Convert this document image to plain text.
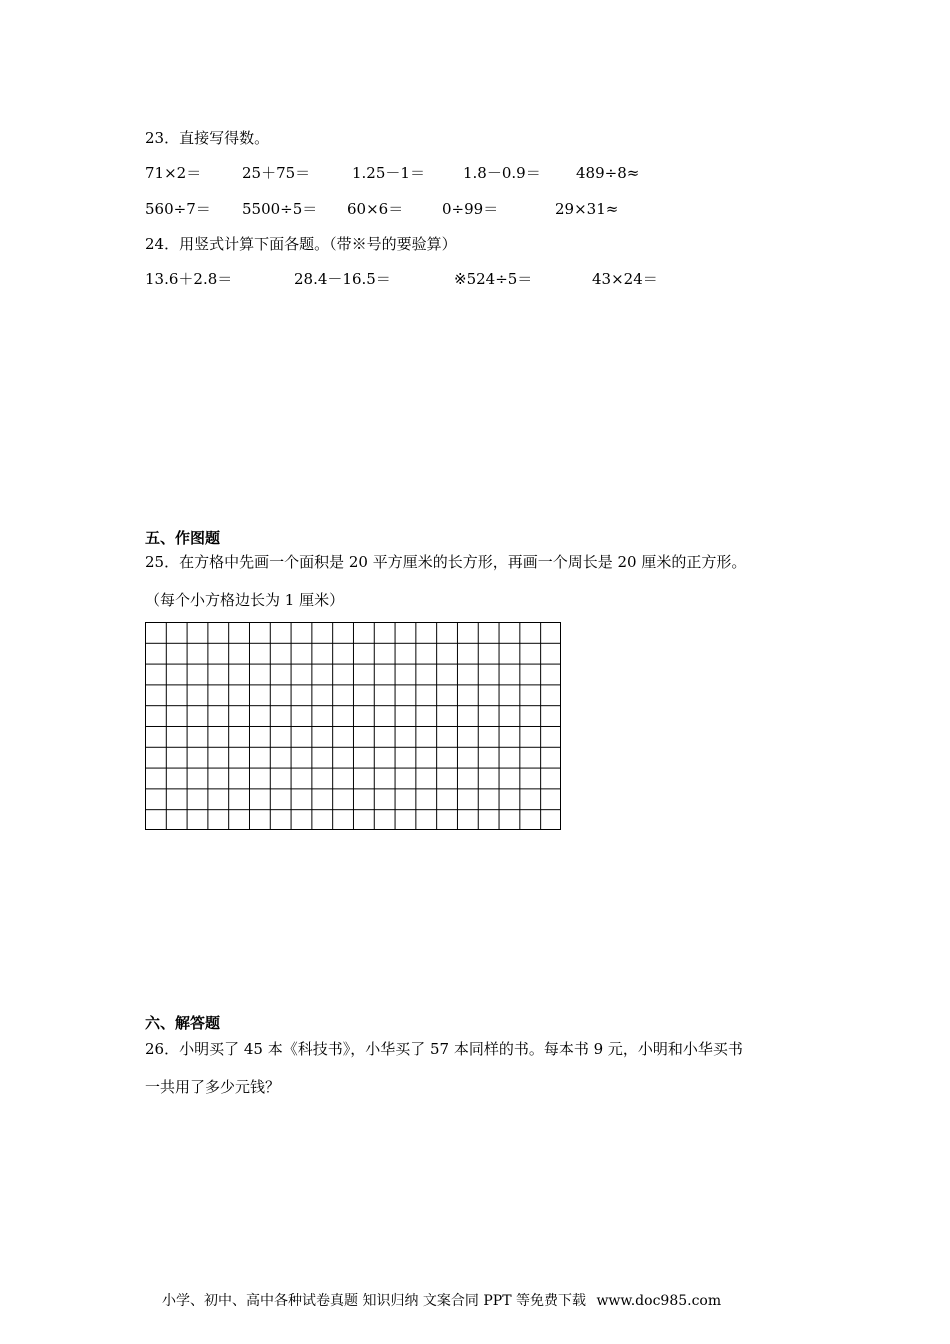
23．直接写得数。
71×2＝	25＋75＝	1.25－1＝	1.8－0.9＝ 489÷8≈
560÷7＝ 5500÷5＝ 60×6＝	0÷99＝	29×31≈
24．用竖式计算下面各题。（带※号的要验算）
13.6＋2.8＝	28.4－16.5＝	※524÷5＝	43×24＝
五、作图题
25．在方格中先画一个面积是 20 平方厘米的长方形，再画一个周长是 20 厘米的正方形。
（每个小方格边长为 1 厘米）
六、解答题
26．小明买了 45 本《科技书》，小华买了 57 本同样的书。每本书 9 元，小明和小华买书
一共用了多少元钱？
小学、初中、高中各种试卷真题 知识归纳 文案合同 PPT 等免费下载 www.doc985.com
